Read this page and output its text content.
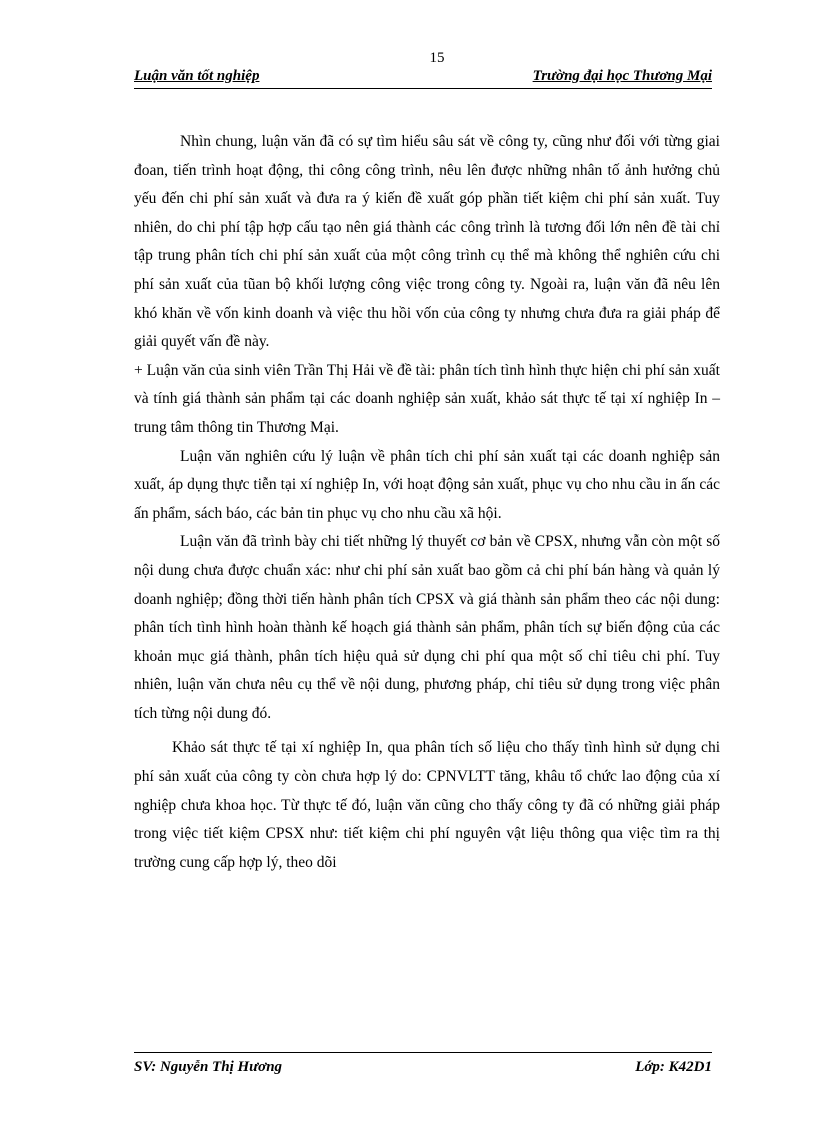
15
Luận văn tốt nghiệp	Trường đại học Thương Mại

Nhìn chung, luận văn đã có sự tìm hiểu sâu sát về công ty, cũng như đối với từng giai đoan, tiến trình hoạt động, thi công công trình, nêu lên được những nhân tố ảnh hưởng chủ yếu đến chi phí sản xuất và đưa ra ý kiến đề xuất góp phần tiết kiệm chi phí sản xuất. Tuy nhiên, do chi phí tập hợp cấu tạo nên giá thành các công trình là tương đối lớn nên đề tài chỉ tập trung phân tích chi phí sản xuất của một công trình cụ thể mà không thể nghiên cứu chi phí sản xuất của tũan bộ khối lượng công việc trong công ty. Ngoài ra, luận văn đã nêu lên khó khăn về vốn kinh doanh và việc thu hồi vốn của công ty nhưng chưa đưa ra giải pháp để giải quyết vấn đề này.

+ Luận văn của sinh viên Trần Thị Hải về đề tài: phân tích tình hình thực hiện chi phí sản xuất và tính giá thành sản phẩm tại các doanh nghiệp sản xuất, khảo sát thực tế tại xí nghiệp In – trung tâm thông tin Thương Mại.

Luận văn nghiên cứu lý luận về phân tích chi phí sản xuất tại các doanh nghiệp sản xuất, áp dụng thực tiễn tại xí nghiệp In, với hoạt động sản xuất, phục vụ cho nhu cầu in ấn các ấn phẩm, sách báo, các bản tin phục vụ cho nhu cầu xã hội.

Luận văn đã trình bày chi tiết những lý thuyết cơ bản về CPSX, nhưng vẫn còn một số nội dung chưa được chuẩn xác: như chi phí sản xuất bao gồm cả chi phí bán hàng và quản lý doanh nghiệp; đồng thời tiến hành phân tích CPSX và giá thành sản phẩm theo các nội dung: phân tích tình hình hoàn thành kế hoạch giá thành sản phẩm, phân tích sự biến động của các khoản mục giá thành, phân tích hiệu quả sử dụng chi phí qua một số chỉ tiêu chi phí. Tuy nhiên, luận văn chưa nêu cụ thể về nội dung, phương pháp, chỉ tiêu sử dụng trong việc phân tích từng nội dung đó.

Khảo sát thực tế tại xí nghiệp In, qua phân tích số liệu cho thấy tình hình sử dụng chi phí sản xuất của công ty còn chưa hợp lý do: CPNVLTT tăng, khâu tổ chức lao động của xí nghiệp chưa khoa học. Từ thực tế đó, luận văn cũng cho thấy công ty đã có những giải pháp trong việc tiết kiệm CPSX như: tiết kiệm chi phí nguyên vật liệu thông qua việc tìm ra thị trường cung cấp hợp lý, theo dõi

SV: Nguyễn Thị Hương	Lớp: K42D1
